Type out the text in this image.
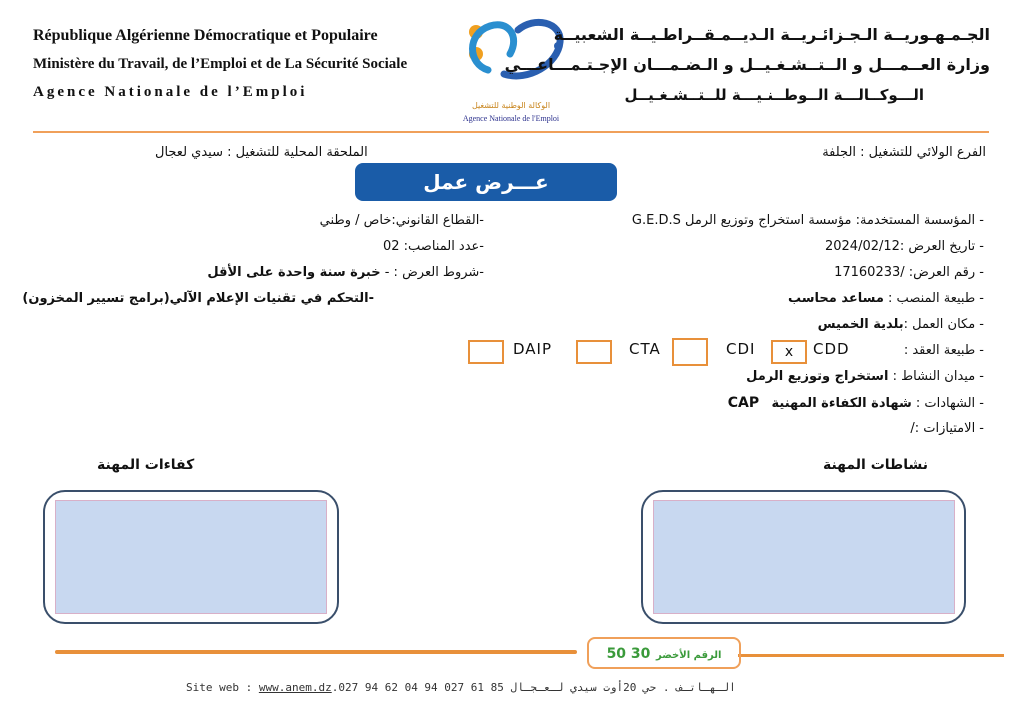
République Algérienne Démocratique et Populaire
Ministère du Travail, de l’Emploi et de La Sécurité Sociale
Agence Nationale de l’Emploi
الوكالة الوطنية للتشغيل
Agence Nationale de l'Emploi
الجـمـهـوريــة الـجـزائـريــة الـديــمـقــراطـيــة الشعبيــة
وزارة العــمـــل و الــتــشـغـيــل و الـضـمـــان الإجـتـمـــاعـــي
الـــوكــالـــة الــوطــنـيـــة للــتــشـغـيــل
الفرع الولائي للتشغيل : الجلفة
الملحقة المحلية للتشغيل : سيدي لعجال
عـــرض عمل
- المؤسسة المستخدمة: مؤسسة استخراج وتوزيع الرمل G.E.D.S
- تاريخ العرض :2024/02/12
- رقم العرض: /17160233
- طبيعة المنصب : مساعد محاسب
- مكان العمل :بلدية الخميس
- طبيعة العقد :
- ميدان النشاط : استخراج وتوزيع الرمل
- الشهادات : شهادة الكفاءة المهنية   CAP
- الامتيازات :/
-القطاع القانوني:خاص / وطني
-عدد المناصب: 02
-شروط العرض : - خبرة سنة واحدة على الأقل
-التحكم في تقنيات الإعلام الآلي(برامج تسيير المخزون)
x	CDD
CDI
CTA
DAIP
نشاطات المهنة
كفاءات المهنة
الرقم الأخضر 30 50
Site web : www.anem.dz.027 94 62 04 94 027 61 85 الـهـاتـف . حي 20أوت سيدي لـعـجـال
